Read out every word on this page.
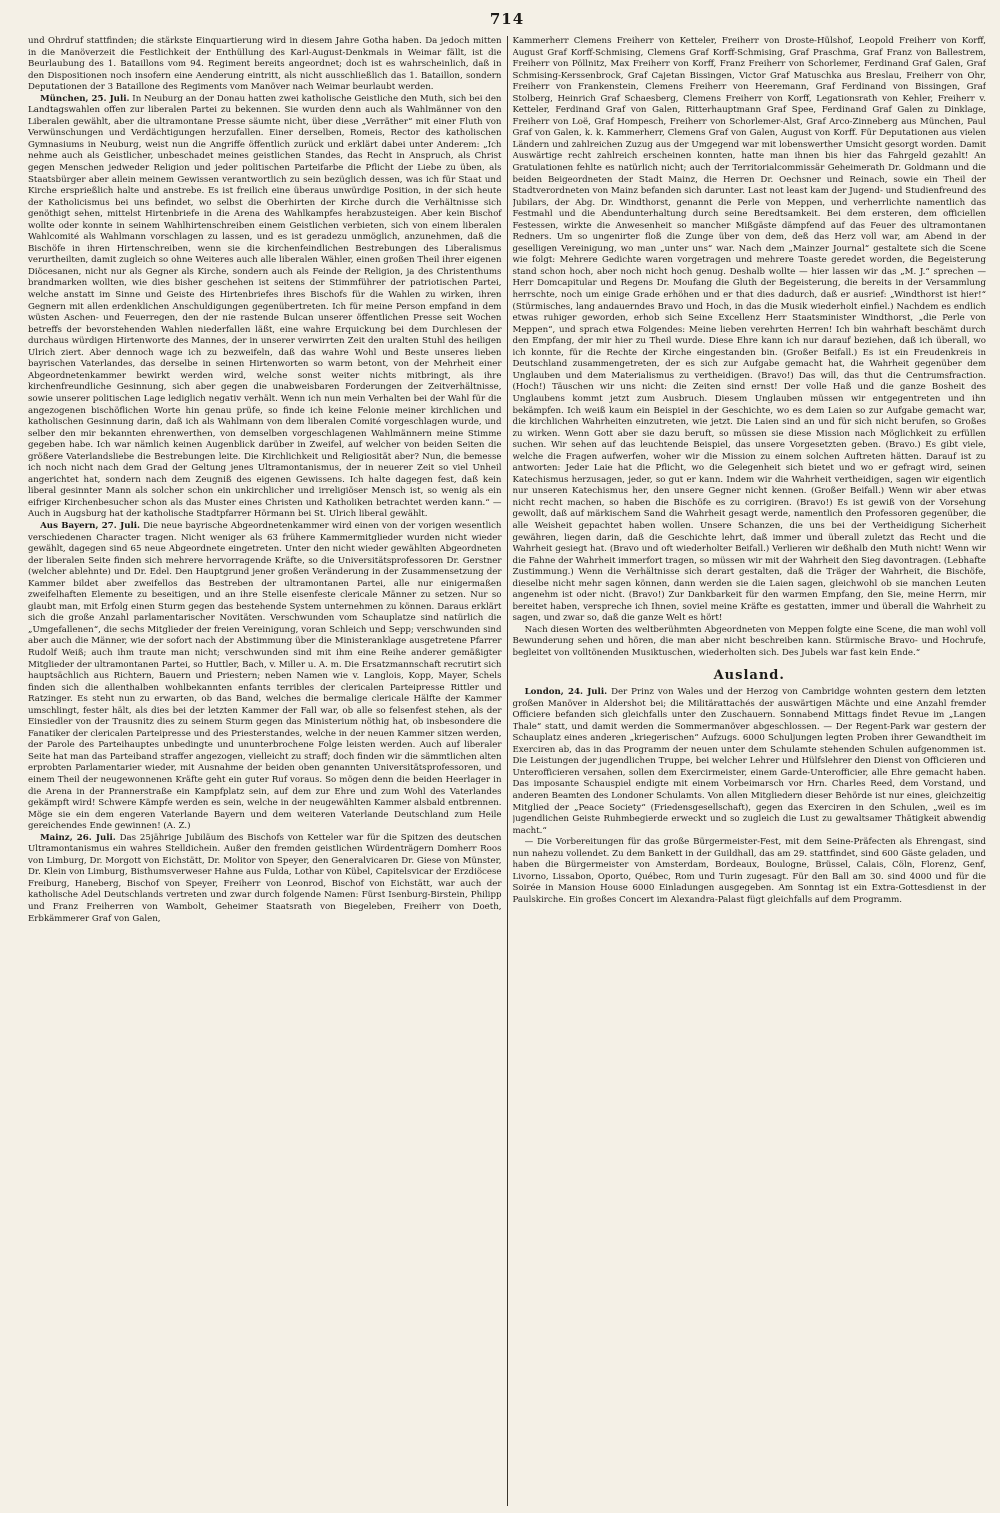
714

und Ohrdruf stattfinden; die stärkste Einquartierung wird in diesem Jahre Gotha haben. Da jedoch mitten in die Manöverzeit die Festlichkeit der Enthüllung des Karl-August-Denkmals in Weimar fällt, ist die Beurlaubung des 1. Bataillons vom 94. Regiment bereits angeordnet; doch ist es wahrscheinlich, daß in den Dispositionen noch insofern eine Aenderung eintritt, als nicht ausschließlich das 1. Bataillon, sondern Deputationen der 3 Bataillone des Regiments vom Manöver nach Weimar beurlaubt werden.

München, 25. Juli. In Neuburg an der Donau hatten zwei katholische Geistliche den Muth, sich bei den Landtagswahlen offen zur liberalen Partei zu bekennen. Sie wurden denn auch als Wahlmänner von den Liberalen gewählt, aber die ultramontane Presse säumte nicht, über diese „Verräther“ mit einer Fluth von Verwünschungen und Verdächtigungen herzufallen. Einer derselben, Romeis, Rector des katholischen Gymnasiums in Neuburg, weist nun die Angriffe öffentlich zurück und erklärt dabei unter Anderem: „Ich nehme auch als Geistlicher, unbeschadet meines geistlichen Standes, das Recht in Anspruch, als Christ gegen Menschen jedweder Religion und jeder politischen Parteifarbe die Pflicht der Liebe zu üben, als Staatsbürger aber allein meinem Gewissen verantwortlich zu sein bezüglich dessen, was ich für Staat und Kirche ersprießlich halte und anstrebe. Es ist freilich eine überaus unwürdige Position, in der sich heute der Katholicismus bei uns befindet, wo selbst die Oberhirten der Kirche durch die Verhältnisse sich genöthigt sehen, mittelst Hirtenbriefe in die Arena des Wahlkampfes herabzusteigen. Aber kein Bischof wollte oder konnte in seinem Wahlhirtenschreiben einem Geistlichen verbieten, sich von einem liberalen Wahlcomité als Wahlmann vorschlagen zu lassen, und es ist geradezu unmöglich, anzunehmen, daß die Bischöfe in ihren Hirtenschreiben, wenn sie die kirchenfeindlichen Bestrebungen des Liberalismus verurtheilten, damit zugleich so ohne Weiteres auch alle liberalen Wähler, einen großen Theil ihrer eigenen Diöcesanen, nicht nur als Gegner als Kirche, sondern auch als Feinde der Religion, ja des Christenthums brandmarken wollten, wie dies bisher geschehen ist seitens der Stimmführer der patriotischen Partei, welche anstatt im Sinne und Geiste des Hirtenbriefes ihres Bischofs für die Wahlen zu wirken, ihren Gegnern mit allen erdenklichen Anschuldigungen gegenübertreten. Ich für meine Person empfand in dem wüsten Aschen- und Feuerregen, den der nie rastende Bulcan unserer öffentlichen Presse seit Wochen betreffs der bevorstehenden Wahlen niederfallen läßt, eine wahre Erquickung bei dem Durchlesen der durchaus würdigen Hirtenworte des Mannes, der in unserer verwirrten Zeit den uralten Stuhl des heiligen Ulrich ziert. Aber dennoch wage ich zu bezweifeln, daß das wahre Wohl und Beste unseres lieben bayrischen Vaterlandes, das derselbe in seinen Hirtenworten so warm betont, von der Mehrheit einer Abgeordnetenkammer bewirkt werden wird, welche sonst weiter nichts mitbringt, als ihre kirchenfreundliche Gesinnung, sich aber gegen die unabweisbaren Forderungen der Zeitverhältnisse, sowie unserer politischen Lage lediglich negativ verhält. Wenn ich nun mein Verhalten bei der Wahl für die angezogenen bischöflichen Worte hin genau prüfe, so finde ich keine Felonie meiner kirchlichen und katholischen Gesinnung darin, daß ich als Wahlmann von dem liberalen Comité vorgeschlagen wurde, und selber den mir bekannten ehrenwerthen, von demselben vorgeschlagenen Wahlmännern meine Stimme gegeben habe. Ich war nämlich keinen Augenblick darüber in Zweifel, auf welcher von beiden Seiten die größere Vaterlandsliebe die Bestrebungen leite. Die Kirchlichkeit und Religiosität aber? Nun, die bemesse ich noch nicht nach dem Grad der Geltung jenes Ultramontanismus, der in neuerer Zeit so viel Unheil angerichtet hat, sondern nach dem Zeugniß des eigenen Gewissens. Ich halte dagegen fest, daß kein liberal gesinnter Mann als solcher schon ein unkirchlicher und irreligiöser Mensch ist, so wenig als ein eifriger Kirchenbesucher schon als das Muster eines Christen und Katholiken betrachtet werden kann.“ — Auch in Augsburg hat der katholische Stadtpfarrer Hörmann bei St. Ulrich liberal gewählt.

Aus Bayern, 27. Juli. Die neue bayrische Abgeordnetenkammer wird einen von der vorigen wesentlich verschiedenen Character tragen. Nicht weniger als 63 frühere Kammermitglieder wurden nicht wieder gewählt, dagegen sind 65 neue Abgeordnete eingetreten. Unter den nicht wieder gewählten Abgeordneten der liberalen Seite finden sich mehrere hervorragende Kräfte, so die Universitätsprofessoren Dr. Gerstner (welcher ablehnte) und Dr. Edel. Den Hauptgrund jener großen Veränderung in der Zusammensetzung der Kammer bildet aber zweifellos das Bestreben der ultramontanen Partei, alle nur einigermaßen zweifelhaften Elemente zu beseitigen, und an ihre Stelle eisenfeste clericale Männer zu setzen. Nur so glaubt man, mit Erfolg einen Sturm gegen das bestehende System unternehmen zu können. Daraus erklärt sich die große Anzahl parlamentarischer Novitäten. Verschwunden vom Schauplatze sind natürlich die „Umgefallenen“, die sechs Mitglieder der freien Vereinigung, voran Schleich und Sepp; verschwunden sind aber auch die Männer, wie der sofort nach der Abstimmung über die Ministeranklage ausgetretene Pfarrer Rudolf Weiß; auch ihm traute man nicht; verschwunden sind mit ihm eine Reihe anderer gemäßigter Mitglieder der ultramontanen Partei, so Huttler, Bach, v. Miller u. A. m. Die Ersatzmannschaft recrutirt sich hauptsächlich aus Richtern, Bauern und Priestern; neben Namen wie v. Langlois, Kopp, Mayer, Schels finden sich die allenthalben wohlbekannten enfants terribles der clericalen Parteipresse Rittler und Ratzinger. Es steht nun zu erwarten, ob das Band, welches die bermalige clericale Hälfte der Kammer umschlingt, fester hält, als dies bei der letzten Kammer der Fall war, ob alle so felsenfest stehen, als der Einsiedler von der Trausnitz dies zu seinem Sturm gegen das Ministerium nöthig hat, ob insbesondere die Fanatiker der clericalen Parteipresse und des Priesterstandes, welche in der neuen Kammer sitzen werden, der Parole des Parteihauptes unbedingte und ununterbrochene Folge leisten werden. Auch auf liberaler Seite hat man das Parteiband straffer angezogen, vielleicht zu straff; doch finden wir die sämmtlichen alten erprobten Parlamentarier wieder, mit Ausnahme der beiden oben genannten Universitätsprofessoren, und einem Theil der neugewonnenen Kräfte geht ein guter Ruf voraus. So mögen denn die beiden Heerlager in die Arena in der Prannerstraße ein Kampfplatz sein, auf dem zur Ehre und zum Wohl des Vaterlandes gekämpft wird! Schwere Kämpfe werden es sein, welche in der neugewählten Kammer alsbald entbrennen. Möge sie ein dem engeren Vaterlande Bayern und dem weiteren Vaterlande Deutschland zum Heile gereichendes Ende gewinnen! (A. Z.)

Mainz, 26. Juli. Das 25jährige Jubiläum des Bischofs von Ketteler war für die Spitzen des deutschen Ultramontanismus ein wahres Stelldichein. Außer den fremden geistlichen Würdenträgern Domherr Roos von Limburg, Dr. Morgott von Eichstätt, Dr. Molitor von Speyer, den Generalvicaren Dr. Giese von Münster, Dr. Klein von Limburg, Bisthumsverweser Hahne aus Fulda, Lothar von Kübel, Capitelsvicar der Erzdiöcese Freiburg, Haneberg, Bischof von Speyer, Freiherr von Leonrod, Bischof von Eichstätt, war auch der katholische Adel Deutschlands vertreten und zwar durch folgende Namen: Fürst Isenburg-Birstein, Philipp und Franz Freiherren von Wambolt, Geheimer Staatsrath von Biegeleben, Freiherr von Doeth, Erbkämmerer Graf von Galen,

Kammerherr Clemens Freiherr von Ketteler, Freiherr von Droste-Hülshof, Leopold Freiherr von Korff, August Graf Korff-Schmising, Clemens Graf Korff-Schmising, Graf Praschma, Graf Franz von Ballestrem, Freiherr von Pöllnitz, Max Freiherr von Korff, Franz Freiherr von Schorlemer, Ferdinand Graf Galen, Graf Schmising-Kerssenbrock, Graf Cajetan Bissingen, Victor Graf Matuschka aus Breslau, Freiherr von Ohr, Freiherr von Frankenstein, Clemens Freiherr von Heeremann, Graf Ferdinand von Bissingen, Graf Stolberg, Heinrich Graf Schaesberg, Clemens Freiherr von Korff, Legationsrath von Kehler, Freiherr v. Ketteler, Ferdinand Graf von Galen, Ritterhauptmann Graf Spee, Ferdinand Graf Galen zu Dinklage, Freiherr von Loë, Graf Hompesch, Freiherr von Schorlemer-Alst, Graf Arco-Zinneberg aus München, Paul Graf von Galen, k. k. Kammerherr, Clemens Graf von Galen, August von Korff. Für Deputationen aus vielen Ländern und zahlreichen Zuzug aus der Umgegend war mit lobenswerther Umsicht gesorgt worden. Damit Auswärtige recht zahlreich erscheinen konnten, hatte man ihnen bis hier das Fahrgeld gezahlt! An Gratulationen fehlte es natürlich nicht; auch der Territorialcommissär Geheimerath Dr. Goldmann und die beiden Beigeordneten der Stadt Mainz, die Herren Dr. Oechsner und Reinach, sowie ein Theil der Stadtverordneten von Mainz befanden sich darunter. Last not least kam der Jugend- und Studienfreund des Jubilars, der Abg. Dr. Windthorst, genannt die Perle von Meppen, und verherrlichte namentlich das Festmahl und die Abendunterhaltung durch seine Beredtsamkeit. Bei dem ersteren, dem officiellen Festessen, wirkte die Anwesenheit so mancher Mißgäste dämpfend auf das Feuer des ultramontanen Redners. Um so ungenirter floß die Zunge über von dem, deß das Herz voll war, am Abend in der geselligen Vereinigung, wo man „unter uns“ war. Nach dem „Mainzer Journal“ gestaltete sich die Scene wie folgt: Mehrere Gedichte waren vorgetragen und mehrere Toaste geredet worden, die Begeisterung stand schon hoch, aber noch nicht hoch genug. Deshalb wollte — hier lassen wir das „M. J.“ sprechen — Herr Domcapitular und Regens Dr. Moufang die Gluth der Begeisterung, die bereits in der Versammlung herrschte, noch um einige Grade erhöhen und er that dies dadurch, daß er ausrief: „Windthorst ist hier!“ (Stürmisches, lang andauerndes Bravo und Hoch, in das die Musik wiederholt einfiel.) Nachdem es endlich etwas ruhiger geworden, erhob sich Seine Excellenz Herr Staatsminister Windthorst, „die Perle von Meppen“, und sprach etwa Folgendes: Meine lieben verehrten Herren! Ich bin wahrhaft beschämt durch den Empfang, der mir hier zu Theil wurde. Diese Ehre kann ich nur darauf beziehen, daß ich überall, wo ich konnte, für die Rechte der Kirche eingestanden bin. (Großer Beifall.) Es ist ein Freudenkreis in Deutschland zusammengetreten, der es sich zur Aufgabe gemacht hat, die Wahrheit gegenüber dem Unglauben und dem Materialismus zu vertheidigen. (Bravo!) Das will, das thut die Centrumsfraction. (Hoch!) Täuschen wir uns nicht: die Zeiten sind ernst! Der volle Haß und die ganze Bosheit des Unglaubens kommt jetzt zum Ausbruch. Diesem Unglauben müssen wir entgegentreten und ihn bekämpfen. Ich weiß kaum ein Beispiel in der Geschichte, wo es dem Laien so zur Aufgabe gemacht war, die kirchlichen Wahrheiten einzutreten, wie jetzt. Die Laien sind an und für sich nicht berufen, so Großes zu wirken. Wenn Gott aber sie dazu beruft, so müssen sie diese Mission nach Möglichkeit zu erfüllen suchen. Wir sehen auf das leuchtende Beispiel, das unsere Vorgesetzten geben. (Bravo.) Es gibt viele, welche die Fragen aufwerfen, woher wir die Mission zu einem solchen Auftreten hätten. Darauf ist zu antworten: Jeder Laie hat die Pflicht, wo die Gelegenheit sich bietet und wo er gefragt wird, seinen Katechismus herzusagen, jeder, so gut er kann. Indem wir die Wahrheit vertheidigen, sagen wir eigentlich nur unseren Katechismus her, den unsere Gegner nicht kennen. (Großer Beifall.) Wenn wir aber etwas nicht recht machen, so haben die Bischöfe es zu corrigiren. (Bravo!) Es ist gewiß von der Vorsehung gewollt, daß auf märkischem Sand die Wahrheit gesagt werde, namentlich den Professoren gegenüber, die alle Weisheit gepachtet haben wollen. Unsere Schanzen, die uns bei der Vertheidigung Sicherheit gewähren, liegen darin, daß die Geschichte lehrt, daß immer und überall zuletzt das Recht und die Wahrheit gesiegt hat. (Bravo und oft wiederholter Beifall.) Verlieren wir deßhalb den Muth nicht! Wenn wir die Fahne der Wahrheit immerfort tragen, so müssen wir mit der Wahrheit den Sieg davontragen. (Lebhafte Zustimmung.) Wenn die Verhältnisse sich derart gestalten, daß die Träger der Wahrheit, die Bischöfe, dieselbe nicht mehr sagen können, dann werden sie die Laien sagen, gleichwohl ob sie manchen Leuten angenehm ist oder nicht. (Bravo!) Zur Dankbarkeit für den warmen Empfang, den Sie, meine Herrn, mir bereitet haben, verspreche ich Ihnen, soviel meine Kräfte es gestatten, immer und überall die Wahrheit zu sagen, und zwar so, daß die ganze Welt es hört!

Nach diesen Worten des weltberühmten Abgeordneten von Meppen folgte eine Scene, die man wohl voll Bewunderung sehen und hören, die man aber nicht beschreiben kann. Stürmische Bravo- und Hochrufe, begleitet von volltönenden Musiktuschen, wiederholten sich. Des Jubels war fast kein Ende.“

Ausland.

London, 24. Juli. Der Prinz von Wales und der Herzog von Cambridge wohnten gestern dem letzten großen Manöver in Aldershot bei; die Militärattachés der auswärtigen Mächte und eine Anzahl fremder Officiere befanden sich gleichfalls unter den Zuschauern. Sonnabend Mittags findet Revue im „Langen Thale“ statt, und damit werden die Sommermanöver abgeschlossen. — Der Regent-Park war gestern der Schauplatz eines anderen „kriegerischen“ Aufzugs. 6000 Schuljungen legten Proben ihrer Gewandtheit im Exerciren ab, das in das Programm der neuen unter dem Schulamte stehenden Schulen aufgenommen ist. Die Leistungen der jugendlichen Truppe, bei welcher Lehrer und Hülfslehrer den Dienst von Officieren und Unterofficieren versahen, sollen dem Exercirmeister, einem Garde-Unterofficier, alle Ehre gemacht haben. Das imposante Schauspiel endigte mit einem Vorbeimarsch vor Hrn. Charles Reed, dem Vorstand, und anderen Beamten des Londoner Schulamts. Von allen Mitgliedern dieser Behörde ist nur eines, gleichzeitig Mitglied der „Peace Society“ (Friedensgesellschaft), gegen das Exerciren in den Schulen, „weil es im jugendlichen Geiste Ruhmbegierde erweckt und so zugleich die Lust zu gewaltsamer Thätigkeit abwendig macht.“

— Die Vorbereitungen für das große Bürgermeister-Fest, mit dem Seine-Präfecten als Ehrengast, sind nun nahezu vollendet. Zu dem Bankett in der Guildhall, das am 29. stattfindet, sind 600 Gäste geladen, und haben die Bürgermeister von Amsterdam, Bordeaux, Boulogne, Brüssel, Calais, Cöln, Florenz, Genf, Livorno, Lissabon, Oporto, Québec, Rom und Turin zugesagt. Für den Ball am 30. sind 4000 und für die Soirée in Mansion House 6000 Einladungen ausgegeben. Am Sonntag ist ein Extra-Gottesdienst in der Paulskirche. Ein großes Concert im Alexandra-Palast fügt gleichfalls auf dem Programm.
